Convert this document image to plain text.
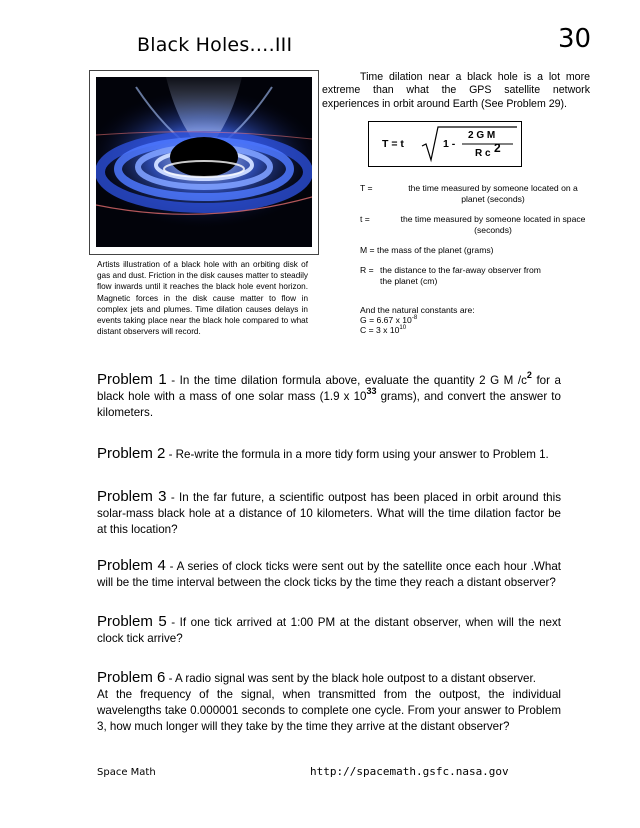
Black Holes….III	30
Artists illustration of a black hole with an orbiting disk of gas and dust. Friction in the disk causes matter to steadily flow inwards until it reaches the black hole event horizon. Magnetic forces in the disk cause matter to flow in complex jets and plumes. Time dilation causes delays in events taking place near the black hole compared to what distant observers will record.
Time dilation near a black hole is a lot more extreme than what the GPS satellite network experiences in orbit around Earth (See Problem 29).
T = t	1 -
2 G M
R c 2
T =	the time measured by someone located on a planet (seconds)
t =	the time measured by someone located in space (seconds)
M = the mass of the planet (grams)
R = the distance to the far-away observer from the planet (cm)
And the natural constants are:
G = 6.67 x $10^{-8}$
C = 3 x $10^{10}$
Problem 1 - In the time dilation formula above, evaluate the quantity 2 G M $/c^2$ for a black hole with a mass of one solar mass (1.9 x $10^{33}$ grams), and convert the answer to kilometers.
Problem 2 - Re-write the formula in a more tidy form using your answer to Problem 1.
Problem 3 - In the far future, a scientific outpost has been placed in orbit around this solar-mass black hole at a distance of 10 kilometers. What will the time dilation factor be at this location?
Problem 4 - A series of clock ticks were sent out by the satellite once each hour .What will be the time interval between the clock ticks by the time they reach a distant observer?
Problem 5 - If one tick arrived at 1:00 PM at the distant observer, when will the next clock tick arrive?
Problem 6 - A radio signal was sent by the black hole outpost to a distant observer.
At the frequency of the signal, when transmitted from the outpost, the individual wavelengths take 0.000001 seconds to complete one cycle. From your answer to Problem 3, how much longer will they take by the time they arrive at the distant observer?
Space Math	http://spacemath.gsfc.nasa.gov
